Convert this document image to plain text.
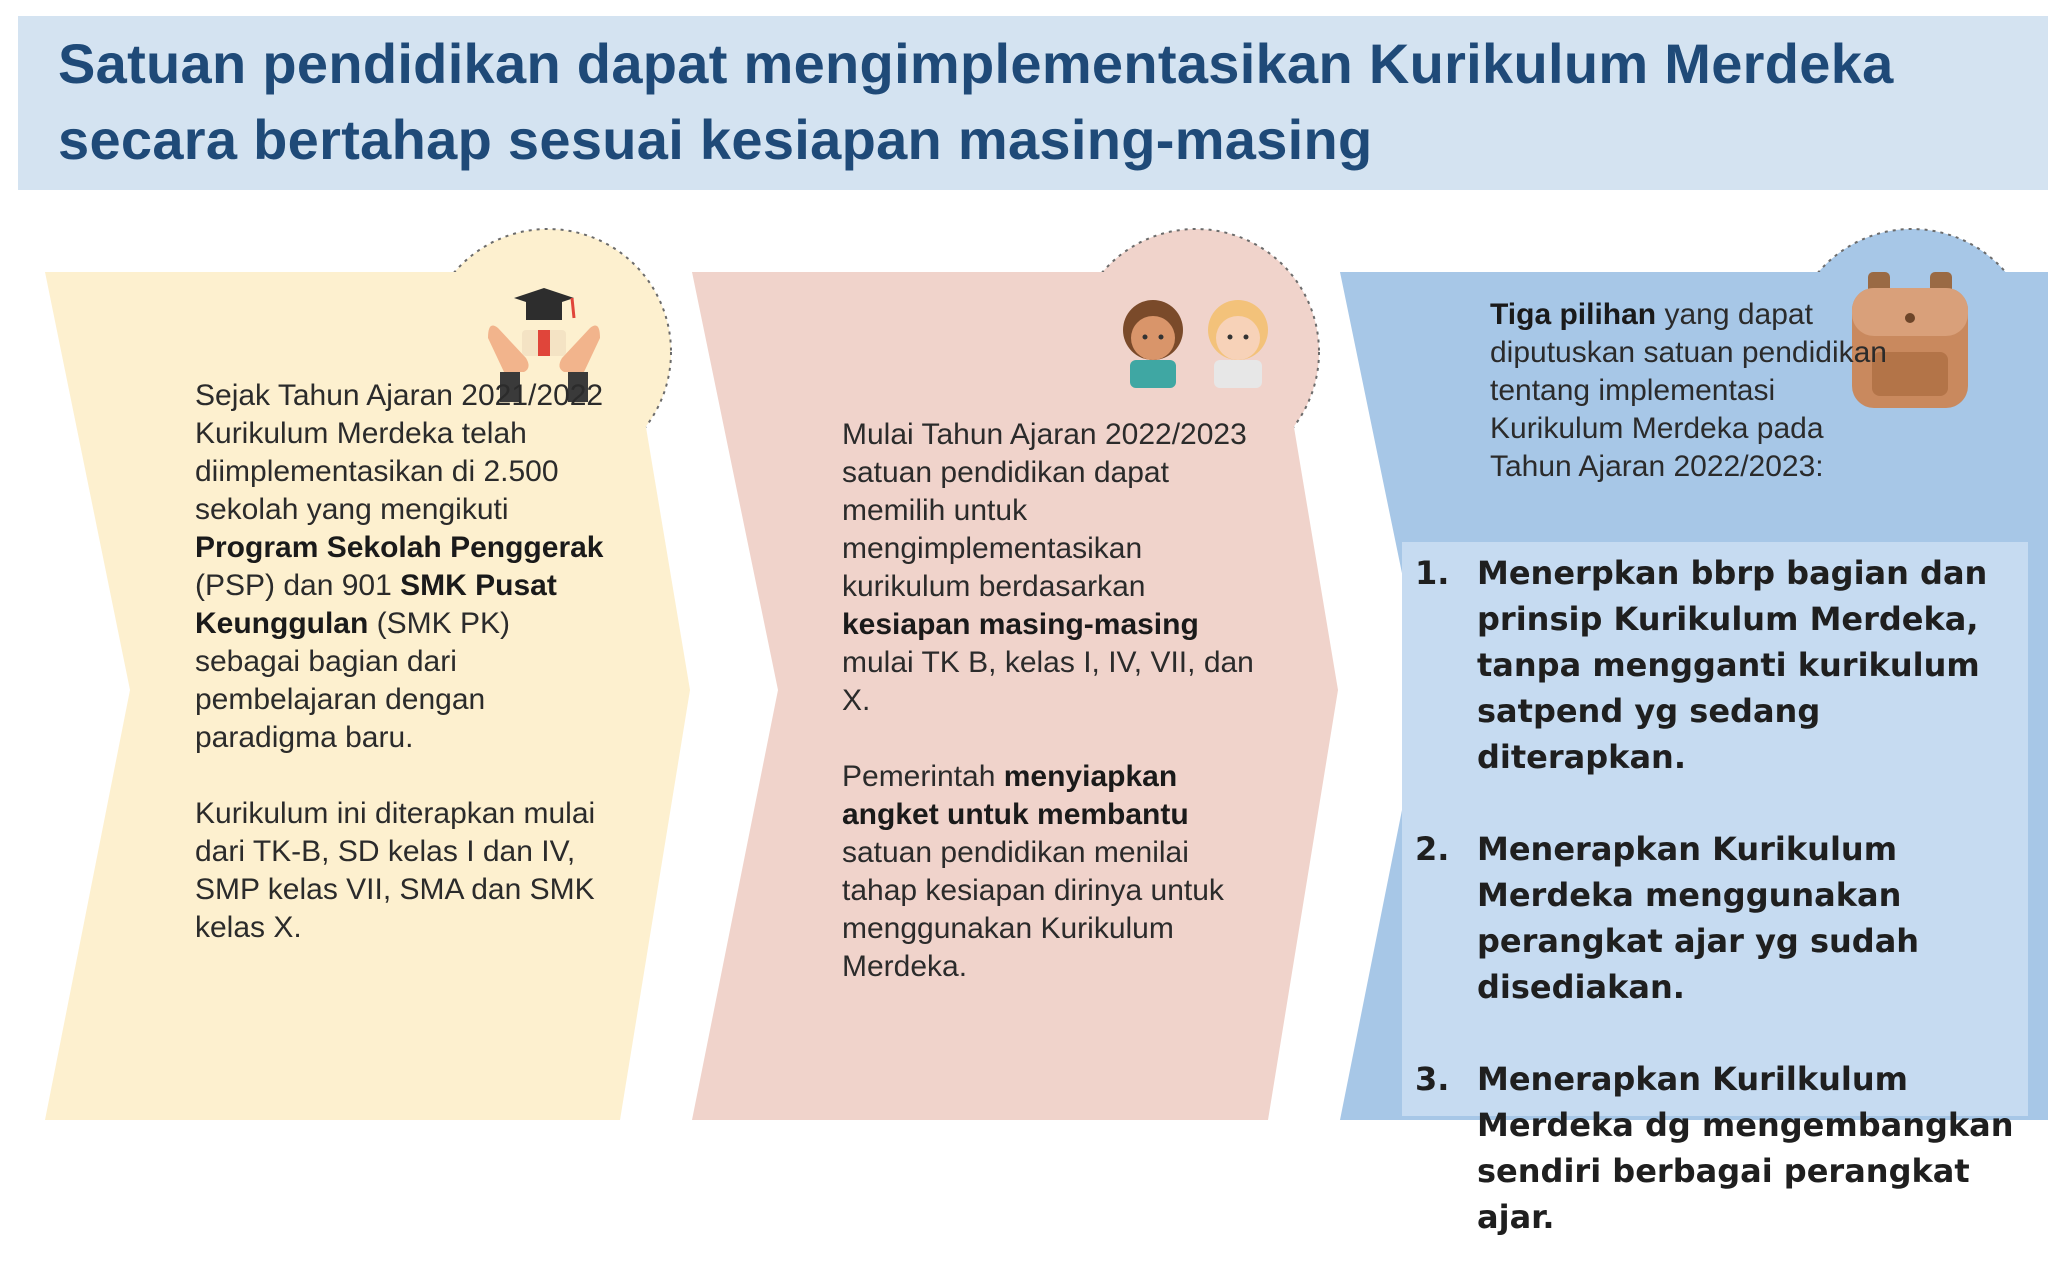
Satuan pendidikan dapat mengimplementasikan Kurikulum Merdeka
secara bertahap sesuai kesiapan masing-masing

Sejak Tahun Ajaran 2021/2022 Kurikulum Merdeka telah diimplementasikan di 2.500 sekolah yang mengikuti Program Sekolah Penggerak (PSP) dan 901 SMK Pusat Keunggulan (SMK PK) sebagai bagian dari pembelajaran dengan paradigma baru.

Kurikulum ini diterapkan mulai dari TK-B, SD kelas I dan IV, SMP kelas VII, SMA dan SMK kelas X.

Mulai Tahun Ajaran 2022/2023 satuan pendidikan dapat memilih untuk mengimplementasikan kurikulum berdasarkan kesiapan masing-masing mulai TK B, kelas I, IV, VII, dan X.

Pemerintah menyiapkan angket untuk membantu satuan pendidikan menilai tahap kesiapan dirinya untuk menggunakan Kurikulum Merdeka.

Tiga pilihan yang dapat diputuskan satuan pendidikan tentang implementasi Kurikulum Merdeka pada Tahun Ajaran 2022/2023:

1. Menerpkan bbrp bagian dan prinsip Kurikulum Merdeka, tanpa mengganti kurikulum satpend yg sedang diterapkan.
2. Menerapkan Kurikulum Merdeka menggunakan perangkat ajar yg sudah disediakan.
3. Menerapkan Kurilkulum Merdeka dg mengembangkan sendiri berbagai perangkat ajar.
